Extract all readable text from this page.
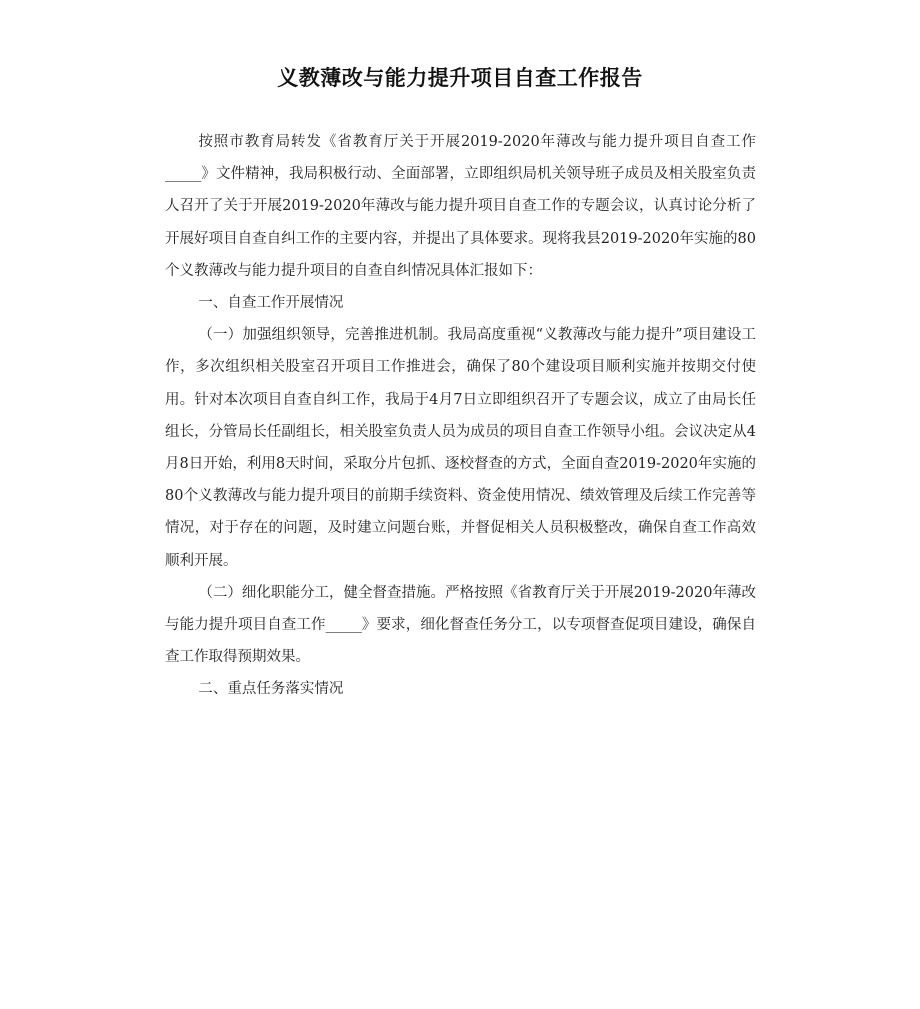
义教薄改与能力提升项目自查工作报告

按照市教育局转发《省教育厅关于开展2019-2020年薄改与能力提升项目自查工作_____》文件精神，我局积极行动、全面部署，立即组织局机关领导班子成员及相关股室负责人召开了关于开展2019-2020年薄改与能力提升项目自查工作的专题会议，认真讨论分析了开展好项目自查自纠工作的主要内容，并提出了具体要求。现将我县2019-2020年实施的80个义教薄改与能力提升项目的自查自纠情况具体汇报如下：

一、自查工作开展情况

（一）加强组织领导，完善推进机制。我局高度重视“义教薄改与能力提升”项目建设工作，多次组织相关股室召开项目工作推进会，确保了80个建设项目顺利实施并按期交付使用。针对本次项目自查自纠工作，我局于4月7日立即组织召开了专题会议，成立了由局长任组长，分管局长任副组长，相关股室负责人员为成员的项目自查工作领导小组。会议决定从4月8日开始，利用8天时间，采取分片包抓、逐校督查的方式，全面自查2019-2020年实施的80个义教薄改与能力提升项目的前期手续资料、资金使用情况、绩效管理及后续工作完善等情况，对于存在的问题，及时建立问题台账，并督促相关人员积极整改，确保自查工作高效顺利开展。

（二）细化职能分工，健全督查措施。严格按照《省教育厅关于开展2019-2020年薄改与能力提升项目自查工作_____》要求，细化督查任务分工，以专项督查促项目建设，确保自查工作取得预期效果。

二、重点任务落实情况
